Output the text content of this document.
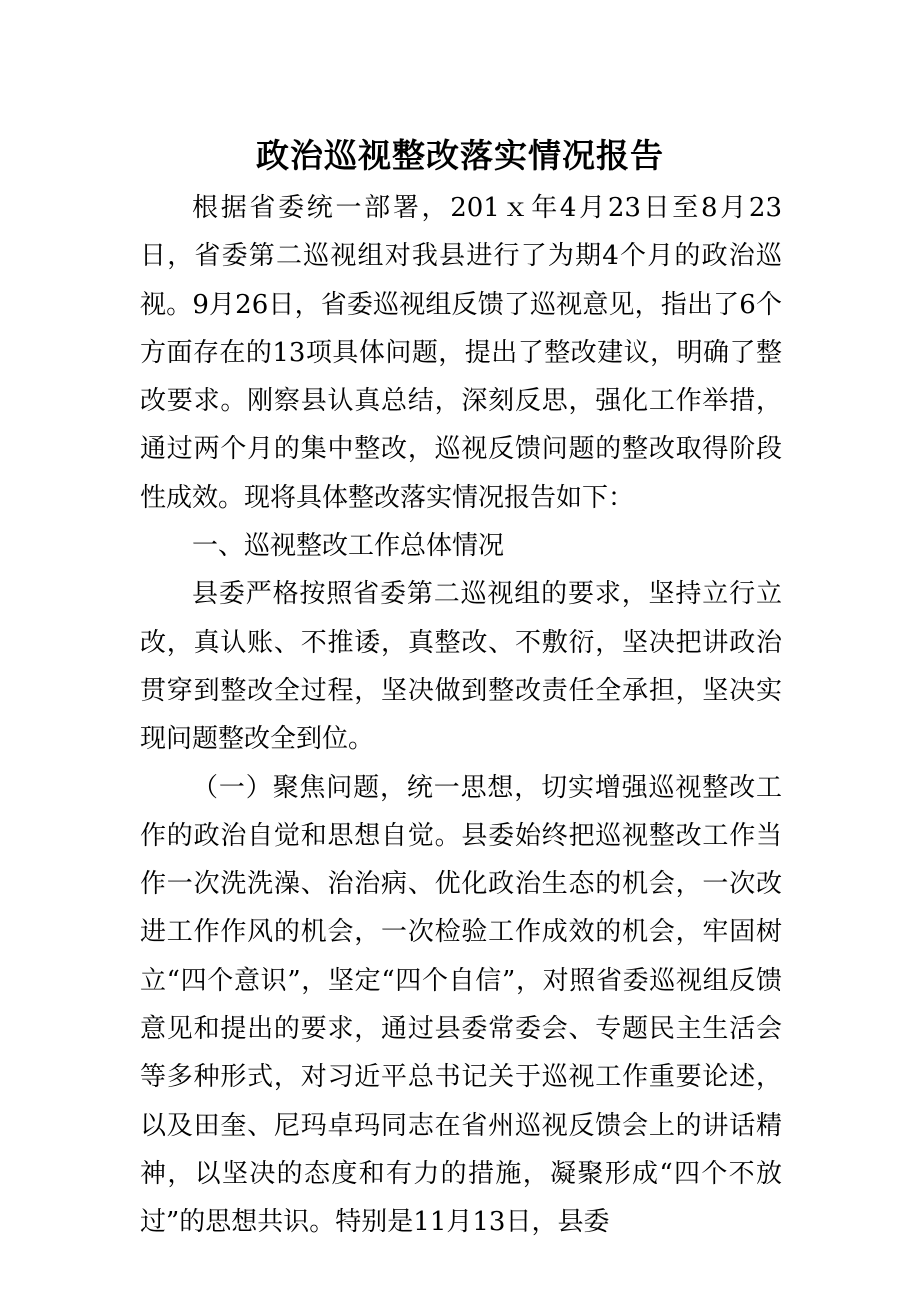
政治巡视整改落实情况报告

根据省委统一部署，201ｘ年4月23日至8月23日，省委第二巡视组对我县进行了为期4个月的政治巡视。9月26日，省委巡视组反馈了巡视意见，指出了6个方面存在的13项具体问题，提出了整改建议，明确了整改要求。刚察县认真总结，深刻反思，强化工作举措，通过两个月的集中整改，巡视反馈问题的整改取得阶段性成效。现将具体整改落实情况报告如下：

一、巡视整改工作总体情况

县委严格按照省委第二巡视组的要求，坚持立行立改，真认账、不推诿，真整改、不敷衍，坚决把讲政治贯穿到整改全过程，坚决做到整改责任全承担，坚决实现问题整改全到位。

（一）聚焦问题，统一思想，切实增强巡视整改工作的政治自觉和思想自觉。县委始终把巡视整改工作当作一次洗洗澡、治治病、优化政治生态的机会，一次改进工作作风的机会，一次检验工作成效的机会，牢固树立“四个意识”，坚定“四个自信”，对照省委巡视组反馈意见和提出的要求，通过县委常委会、专题民主生活会等多种形式，对习近平总书记关于巡视工作重要论述，以及田奎、尼玛卓玛同志在省州巡视反馈会上的讲话精神，以坚决的态度和有力的措施，凝聚形成“四个不放过”的思想共识。特别是11月13日，县委
